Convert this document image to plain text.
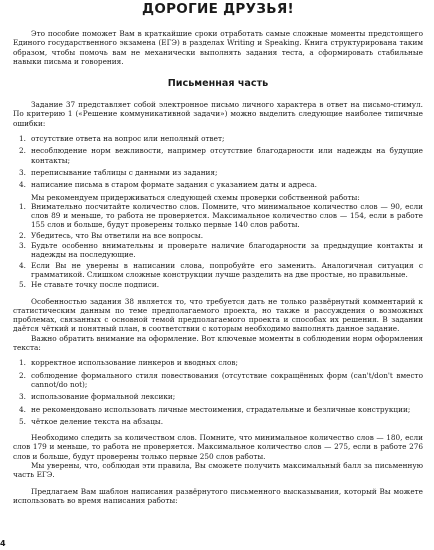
ДОРОГИЕ ДРУЗЬЯ!

Это пособие поможет Вам в краткайшие сроки отработать самые сложные моменты предстоящего Единого государственного экзамена (ЕГЭ) в разделах Writing и Speaking. Книга структурирована таким образом, чтобы помочь вам не механически выполнять задания теста, а сформировать стабильные навыки письма и говорения.

Письменная часть

Задание 37 представляет собой электронное письмо личного характера в ответ на письмо-стимул. По критерию 1 («Решение коммуникативной задачи») можно выделить следующие наиболее типичные ошибки:

1. отсутствие ответа на вопрос или неполный ответ;
2. несоблюдение норм вежливости, например отсутствие благодарности или надежды на будущие контакты;
3. переписывание таблицы с данными из задания;
4. написание письма в старом формате задания с указанием даты и адреса.

Мы рекомендуем придерживаться следующей схемы проверки собственной работы:

1. Внимательно посчитайте количество слов. Помните, что минимальное количество слов — 90, если слов 89 и меньше, то работа не проверяется. Максимальное количество слов — 154, если в работе 155 слов и больше, будут проверены только первые 140 слов работы.
2. Убедитесь, что Вы ответили на все вопросы.
3. Будьте особенно внимательны и проверьте наличие благодарности за предыдущие контакты и надежды на последующие.
4. Если Вы не уверены в написании слова, попробуйте его заменить. Аналогичная ситуация с грамматикой. Слишком сложные конструкции лучше разделить на две простые, но правильные.
5. Не ставьте точку после подписи.

Особенностью задания 38 является то, что требуется дать не только развёрнутый комментарий к статистическим данным по теме предполагаемого проекта, но также и рассуждения о возможных проблемах, связанных с основной темой предполагаемого проекта и способах их решения. В задании даётся чёткий и понятный план, в соответствии с которым необходимо выполнять данное задание.

Важно обратить внимание на оформление. Вот ключевые моменты в соблюдении норм оформления текста:

1. корректное использование линкеров и вводных слов;
2. соблюдение формального стиля повествования (отсутствие сокращённых форм (can't/don't вместо cannot/do not);
3. использование формальной лексики;
4. не рекомендовано использовать личные местоимения, страдательные и безличные конструкции;
5. чёткое деление текста на абзацы.

Необходимо следить за количеством слов. Помните, что минимальное количество слов — 180, если слов 179 и меньше, то работа не проверяется. Максимальное количество слов — 275, если в работе 276 слов и больше, будут проверены только первые 250 слов работы.

Мы уверены, что, соблюдая эти правила, Вы сможете получить максимальный балл за письменную часть ЕГЭ.

Предлагаем Вам шаблон написания развёрнутого письменного высказывания, который Вы можете использовать во время написания работы:

4
